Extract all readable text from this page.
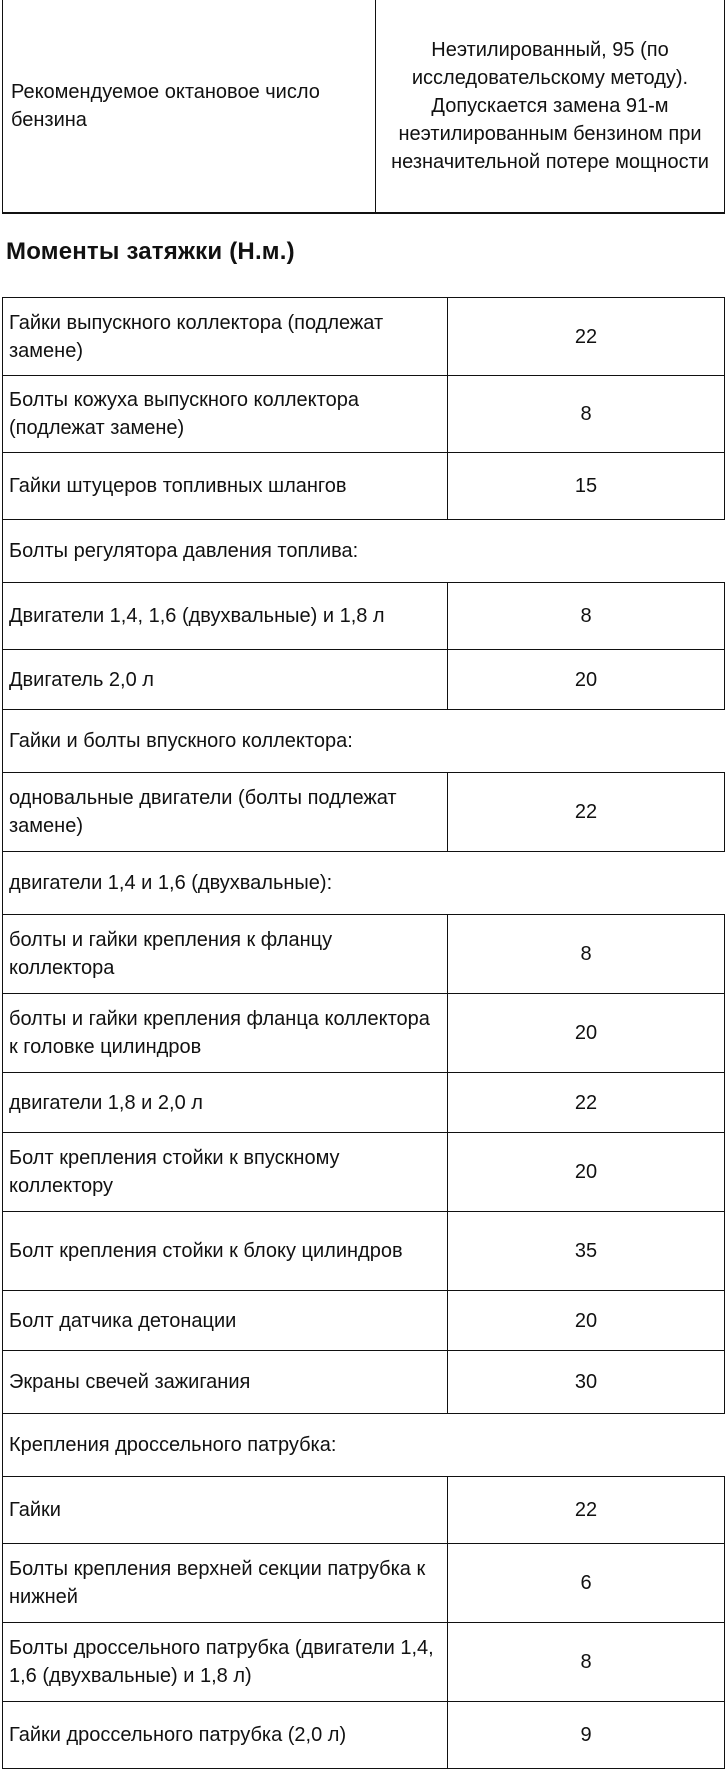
Рекомендуемое октановое число бензина	Неэтилированный, 95 (по исследовательскому методу). Допускается замена 91-м неэтилированным бензином при незначительной потере мощности
Моменты затяжки (Н.м.)
Гайки выпускного коллектора (подлежат замене)	22
Болты кожуха выпускного коллектора (подлежат замене)	8
Гайки штуцеров топливных шлангов	15
Болты регулятора давления топлива:	
Двигатели 1,4, 1,6 (двухвальные) и 1,8 л	8
Двигатель 2,0 л	20
Гайки и болты впускного коллектора:	
одновальные двигатели (болты подлежат замене)	22
двигатели 1,4 и 1,6 (двухвальные):	
болты и гайки крепления к фланцу коллектора	8
болты и гайки крепления фланца коллектора к головке цилиндров	20
двигатели 1,8 и 2,0 л	22
Болт крепления стойки к впускному коллектору	20
Болт крепления стойки к блоку цилиндров	35
Болт датчика детонации	20
Экраны свечей зажигания	30
Крепления дроссельного патрубка:	
Гайки	22
Болты крепления верхней секции патрубка к нижней	6
Болты дроссельного патрубка (двигатели 1,4, 1,6 (двухвальные) и 1,8 л)	8
Гайки дроссельного патрубка (2,0 л)	9
